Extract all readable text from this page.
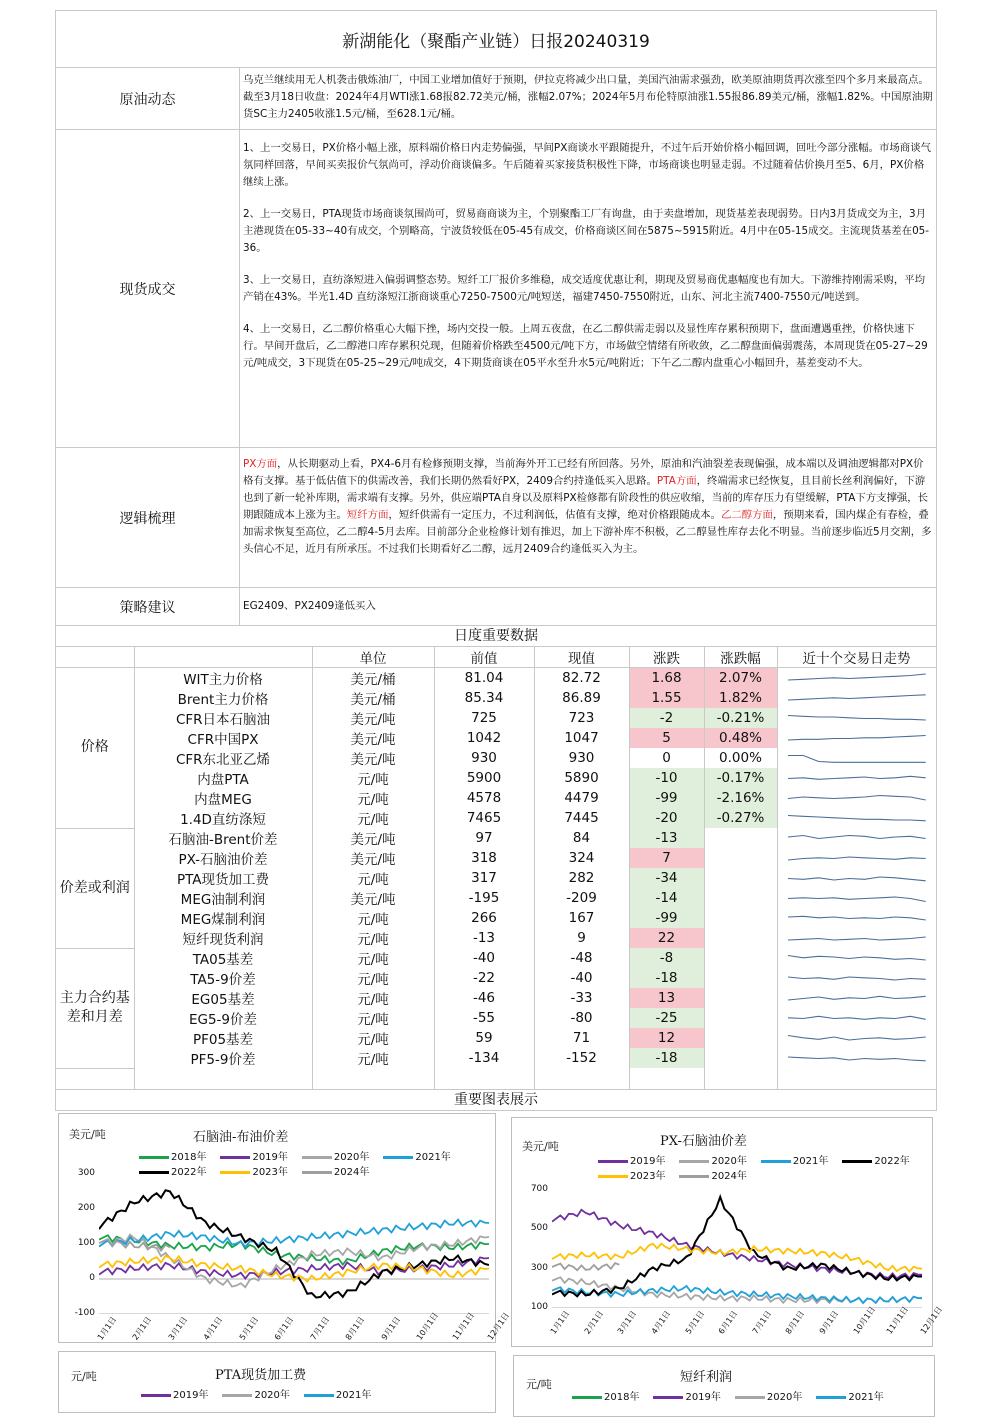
新湖能化（聚酯产业链）日报20240319
原油动态
乌克兰继续用无人机袭击俄炼油厂，中国工业增加值好于预期，伊拉克将减少出口量，美国汽油需求强劲，欧美原油期货再次涨至四个多月来最高点。截至3月18日收盘：2024年4月WTI涨1.68报82.72美元/桶，涨幅2.07%；2024年5月布伦特原油涨1.55报86.89美元/桶，涨幅1.82%。中国原油期货SC主力2405收涨1.5元/桶，至628.1元/桶。
现货成交

1、上一交易日，PX价格小幅上涨，原料端价格日内走势偏强，早间PX商谈水平跟随提升，不过午后开始价格小幅回调，回吐今部分涨幅。市场商谈气氛同样回落，早间买卖报价气氛尚可，浮动价商谈偏多。午后随着买家接货积极性下降，市场商谈也明显走弱。不过随着估价换月至5、6月，PX价格继续上涨。

2、上一交易日，PTA现货市场商谈氛围尚可，贸易商商谈为主，个别聚酯工厂有询盘，由于卖盘增加，现货基差表现弱势。日内3月货成交为主，3月主港现货在05-33~40有成交，个别略高，宁波货较低在05-45有成交，价格商谈区间在5875~5915附近。4月中在05-15成交。主流现货基差在05-36。

3、上一交易日，直纺涤短进入偏弱调整态势。短纤工厂报价多维稳，成交适度优惠让利，期现及贸易商优惠幅度也有加大。下游维持刚需采购，平均产销在43%。半光1.4D 直纺涤短江浙商谈重心7250-7500元/吨短送，福建7450-7550附近，山东、河北主流7400-7550元/吨送到。

4、上一交易日，乙二醇价格重心大幅下挫，场内交投一般。上周五夜盘，在乙二醇供需走弱以及显性库存累积预期下，盘面遭遇重挫，价格快速下行。早间开盘后，乙二醇港口库存累积兑现，但随着价格跌至4500元/吨下方，市场做空情绪有所收敛，乙二醇盘面偏弱震荡，本周现货在05-27~29元/吨成交，3下现货在05-25~29元/吨成交，4下期货商谈在05平水至升水5元/吨附近；下午乙二醇内盘重心小幅回升，基差变动不大。

逻辑梳理
PX方面，从长期驱动上看，PX4-6月有检修预期支撑，当前海外开工已经有所回落。另外，原油和汽油裂差表现偏强，成本端以及调油逻辑都对PX价格有支撑。基于低估值下的供需改善，我们长期仍然看好PX，2409合约持逢低买入思路。PTA方面，终端需求已经恢复，且目前长丝利润偏好，下游也到了新一轮补库期，需求端有支撑。另外，供应端PTA自身以及原料PX检修都有阶段性的供应收缩，当前的库存压力有望缓解，PTA下方支撑强，长期跟随成本上涨为主。短纤方面，短纤供需有一定压力，不过利润低，估值有支撑，绝对价格跟随成本。乙二醇方面，预期来看，国内煤企有春检，叠加需求恢复至高位，乙二醇4-5月去库。目前部分企业检修计划有推迟，加上下游补库不积极，乙二醇显性库存去化不明显。当前逐步临近5月交割，多头信心不足，近月有所承压。不过我们长期看好乙二醇，远月2409合约逢低买入为主。
策略建议	EG2409、PX2409逢低买入
日度重要数据
		单位	前值	现值	涨跌	涨跌幅	近十个交易日走势
价格	WIT主力价格	美元/桶	81.04	82.72	1.68	2.07%	

	Brent主力价格	美元/桶	85.34	86.89	1.55	1.82%	

	CFR日本石脑油	美元/吨	725	723	-2	-0.21%	

	CFR中国PX	美元/吨	1042	1047	5	0.48%	

	CFR东北亚乙烯	美元/吨	930	930	0	0.00%	

	内盘PTA	元/吨	5900	5890	-10	-0.17%	

	内盘MEG	元/吨	4578	4479	-99	-2.16%	

	1.4D直纺涤短	元/吨	7465	7445	-20	-0.27%	

价差或利润	石脑油-Brent价差	美元/吨	97	84	-13		

	PX-石脑油价差	美元/吨	318	324	7		

	PTA现货加工费	元/吨	317	282	-34		

	MEG油制利润	美元/吨	-195	-209	-14		

	MEG煤制利润	元/吨	266	167	-99		

	短纤现货利润	元/吨	-13	9	22		

主力合约基差和月差	TA05基差	元/吨	-40	-48	-8		

	TA5-9价差	元/吨	-22	-40	-18		

	EG05基差	元/吨	-46	-33	13		

	EG5-9价差	元/吨	-55	-80	-25		

	PF05基差	元/吨	59	71	12		

	PF5-9价差	元/吨	-134	-152	-18		

重要图表展示
美元/吨	石脑油-布油价差
2018年	2019年	2020年	2021年2022年	2023年	2024年
300
200
100
0
-100
1月1日 2月1日 3月1日 4月1日 5月1日 6月1日 7月1日 8月1日 9月1日 10月1日 11月1日 12月1日
美元/吨	PX-石脑油价差
2019年	2020年	2021年	2022年2023年	2024年
700
500
300
100
1月1日 2月1日 3月1日 4月1日 5月1日 6月1日 7月1日 8月1日 9月1日 10月1日 11月1日 12月1日
元/吨	PTA现货加工费
2019年	2020年	2021年
元/吨	短纤利润
2018年	2019年	2020年	2021年
